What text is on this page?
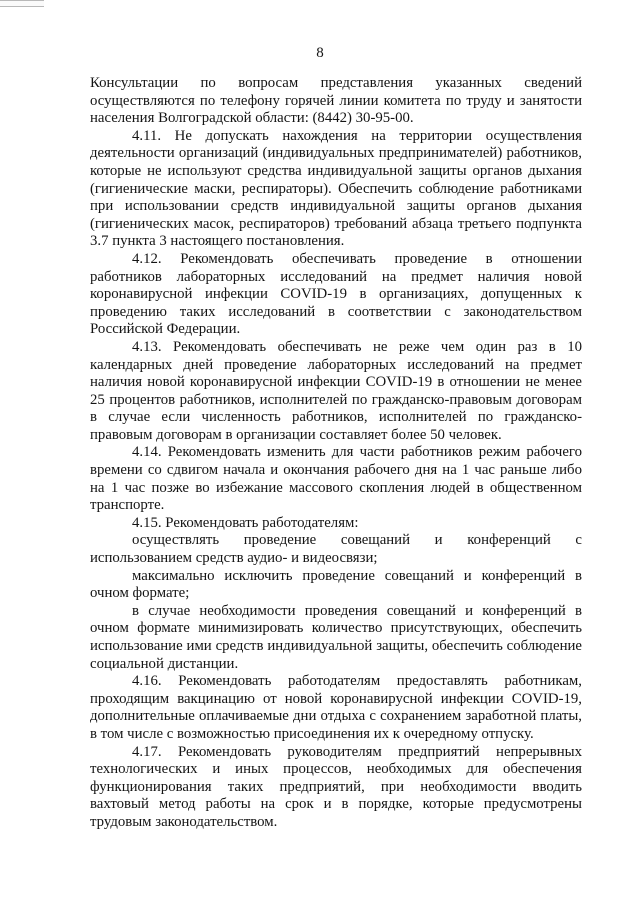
8

Консультации по вопросам представления указанных сведений осуществляются по телефону горячей линии комитета по труду и занятости населения Волгоградской области: (8442) 30-95-00.

4.11. Не допускать нахождения на территории осуществления деятельности организаций (индивидуальных предпринимателей) работников, которые не используют средства индивидуальной защиты органов дыхания (гигиенические маски, респираторы). Обеспечить соблюдение работниками при использовании средств индивидуальной защиты органов дыхания (гигиенических масок, респираторов) требований абзаца третьего подпункта 3.7 пункта 3 настоящего постановления.

4.12. Рекомендовать обеспечивать проведение в отношении работников лабораторных исследований на предмет наличия новой коронавирусной инфекции COVID-19 в организациях, допущенных к проведению таких исследований в соответствии с законодательством Российской Федерации.

4.13. Рекомендовать обеспечивать не реже чем один раз в 10 календарных дней проведение лабораторных исследований на предмет наличия новой коронавирусной инфекции COVID-19 в отношении не менее 25 процентов работников, исполнителей по гражданско-правовым договорам в случае если численность работников, исполнителей по гражданско-правовым договорам в организации составляет более 50 человек.

4.14. Рекомендовать изменить для части работников режим рабочего времени со сдвигом начала и окончания рабочего дня на 1 час раньше либо на 1 час позже во избежание массового скопления людей в общественном транспорте.

4.15. Рекомендовать работодателям:

осуществлять проведение совещаний и конференций с использованием средств аудио- и видеосвязи;

максимально исключить проведение совещаний и конференций в очном формате;

в случае необходимости проведения совещаний и конференций в очном формате минимизировать количество присутствующих, обеспечить использование ими средств индивидуальной защиты, обеспечить соблюдение социальной дистанции.

4.16. Рекомендовать работодателям предоставлять работникам, проходящим вакцинацию от новой коронавирусной инфекции COVID-19, дополнительные оплачиваемые дни отдыха с сохранением заработной платы, в том числе с возможностью присоединения их к очередному отпуску.

4.17. Рекомендовать руководителям предприятий непрерывных технологических и иных процессов, необходимых для обеспечения функционирования таких предприятий, при необходимости вводить вахтовый метод работы на срок и в порядке, которые предусмотрены трудовым законодательством.
